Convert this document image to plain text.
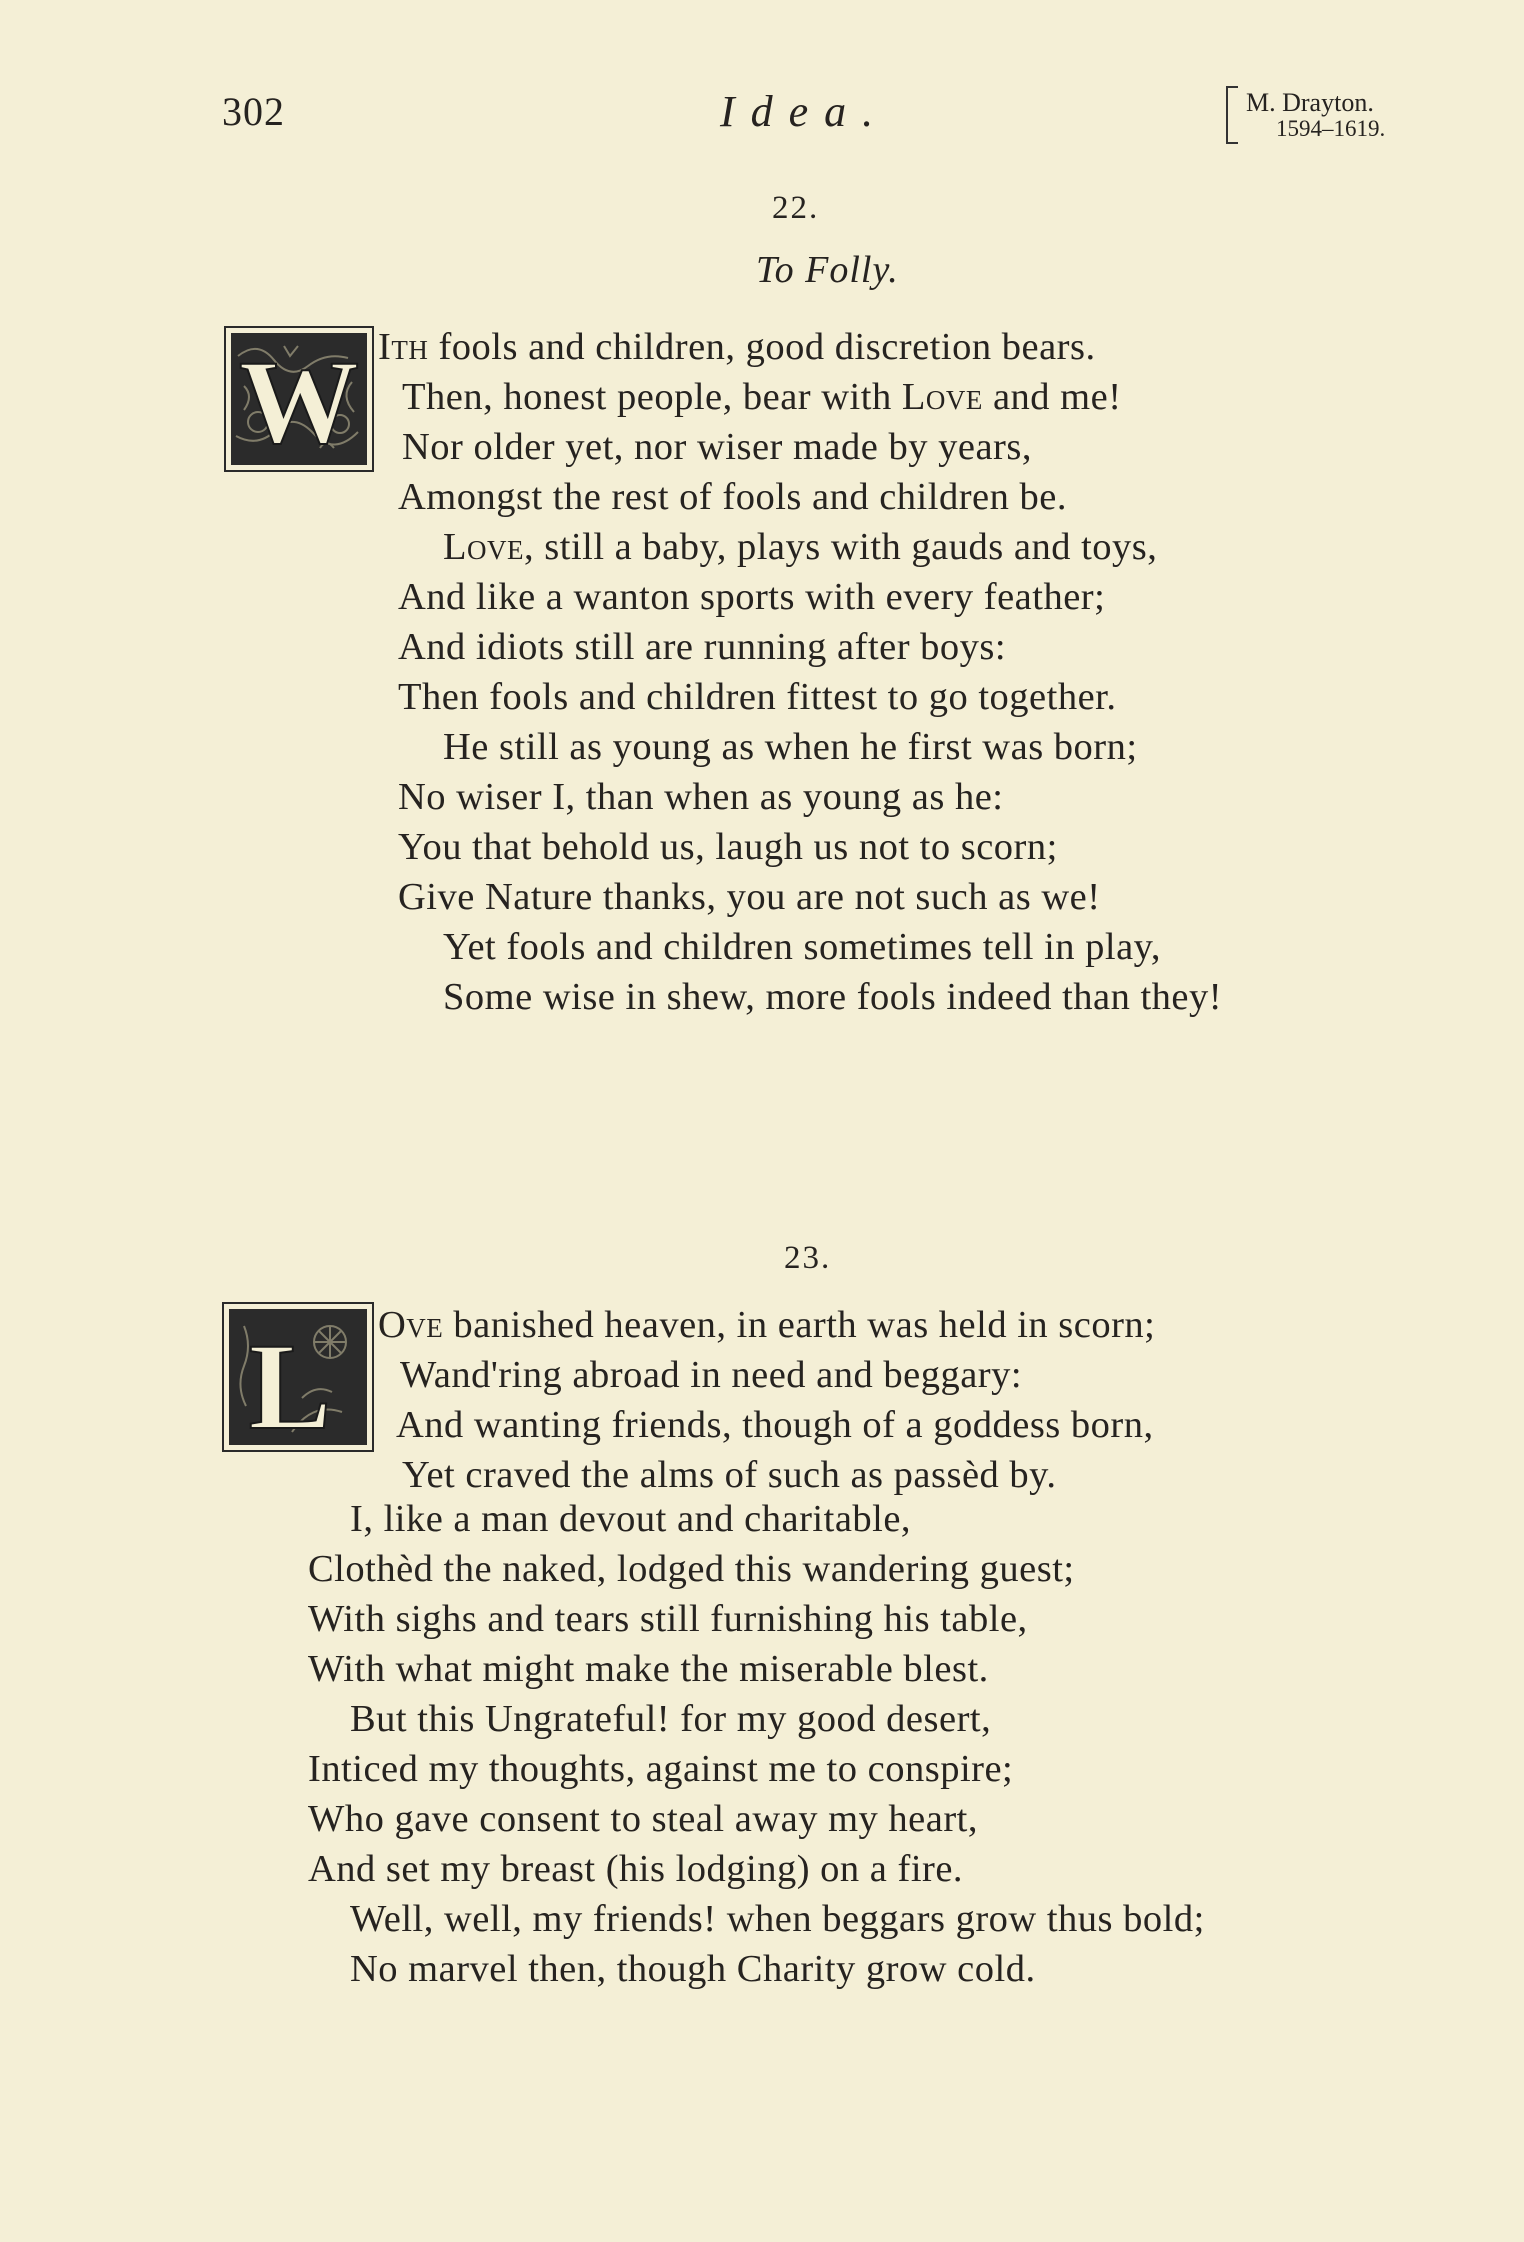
302	Idea.	M. Drayton.
1594–1619.
22.
To Folly.
W Ith fools and children, good discretion bears.
Then, honest people, bear with Love and me!
Nor older yet, nor wiser made by years,
Amongst the rest of fools and children be.
Love, still a baby, plays with gauds and toys,
And like a wanton sports with every feather;
And idiots still are running after boys:
Then fools and children fittest to go together.
He still as young as when he first was born;
No wiser I, than when as young as he:
You that behold us, laugh us not to scorn;
Give Nature thanks, you are not such as we!
Yet fools and children sometimes tell in play,
Some wise in shew, more fools indeed than they!
23.
L Ove banished heaven, in earth was held in scorn;
Wand'ring abroad in need and beggary:
And wanting friends, though of a goddess born,
Yet craved the alms of such as passèd by.
I, like a man devout and charitable,
Clothèd the naked, lodged this wandering guest;
With sighs and tears still furnishing his table,
With what might make the miserable blest.
But this Ungrateful! for my good desert,
Inticed my thoughts, against me to conspire;
Who gave consent to steal away my heart,
And set my breast (his lodging) on a fire.
Well, well, my friends! when beggars grow thus bold;
No marvel then, though Charity grow cold.
